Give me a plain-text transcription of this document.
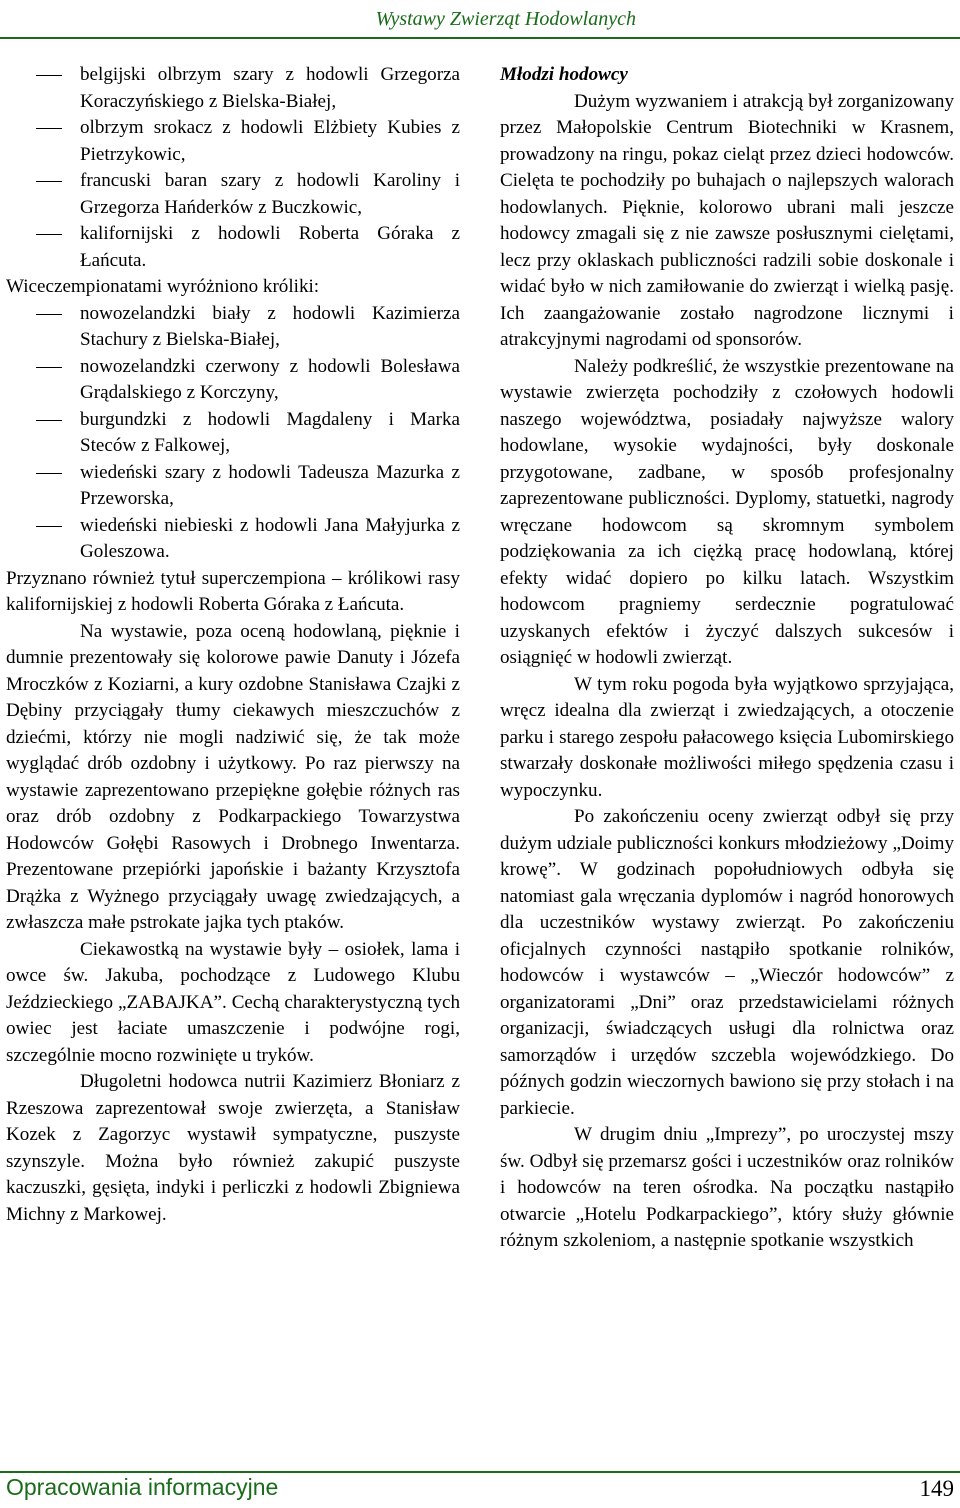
Wystawy Zwierząt Hodowlanych
belgijski olbrzym szary z hodowli Grzegorza Koraczyńskiego z Bielska-Białej,
olbrzym srokacz z hodowli Elżbiety Kubies z Pietrzykowic,
francuski baran szary z hodowli Karoliny i Grzegorza Hańderków z Buczkowic,
kalifornijski z hodowli Roberta Góraka z Łańcuta.

Wiceczempionatami wyróżniono króliki:

nowozelandzki biały z hodowli Kazimierza Stachury z Bielska-Białej,
nowozelandzki czerwony z hodowli Bolesława Grądalskiego z Korczyny,
burgundzki z hodowli Magdaleny i Marka Steców z Falkowej,
wiedeński szary z hodowli Tadeusza Mazurka z Przeworska,
wiedeński niebieski z hodowli Jana Małyjurka z Goleszowa.

Przyznano również tytuł superczempiona – królikowi rasy kalifornijskiej z hodowli Roberta Góraka z Łańcuta.

Na wystawie, poza oceną hodowlaną, pięknie i dumnie prezentowały się kolorowe pawie Danuty i Józefa Mroczków z Koziarni, a kury ozdobne Stanisława Czajki z Dębiny przyciągały tłumy ciekawych mieszczuchów z dziećmi, którzy nie mogli nadziwić się, że tak może wyglądać drób ozdobny i użytkowy. Po raz pierwszy na wystawie zaprezentowano przepiękne gołębie różnych ras oraz drób ozdobny z Podkarpackiego Towarzystwa Hodowców Gołębi Rasowych i Drobnego Inwentarza. Prezentowane przepiórki japońskie i bażanty Krzysztofa Drążka z Wyżnego przyciągały uwagę zwiedzających, a zwłaszcza małe pstrokate jajka tych ptaków.

Ciekawostką na wystawie były – osiołek, lama i owce św. Jakuba, pochodzące z Ludowego Klubu Jeździeckiego „ZABAJKA”. Cechą charakterystyczną tych owiec jest łaciate umaszczenie i podwójne rogi, szczególnie mocno rozwinięte u tryków.

Długoletni hodowca nutrii Kazimierz Błoniarz z Rzeszowa zaprezentował swoje zwierzęta, a Stanisław Kozek z Zagorzyc wystawił sympatyczne, puszyste szynszyle. Można było również zakupić puszyste kaczuszki, gęsięta, indyki i perliczki z hodowli Zbigniewa Michny z Markowej.

Młodzi hodowcy

Dużym wyzwaniem i atrakcją był zorganizowany przez Małopolskie Centrum Biotechniki w Krasnem, prowadzony na ringu, pokaz cieląt przez dzieci hodowców. Cielęta te pochodziły po buhajach o najlepszych walorach hodowlanych. Pięknie, kolorowo ubrani mali jeszcze hodowcy zmagali się z nie zawsze posłusznymi cielętami, lecz przy oklaskach publiczności radzili sobie doskonale i widać było w nich zamiłowanie do zwierząt i wielką pasję. Ich zaangażowanie zostało nagrodzone licznymi i atrakcyjnymi nagrodami od sponsorów.

Należy podkreślić, że wszystkie prezentowane na wystawie zwierzęta pochodziły z czołowych hodowli naszego województwa, posiadały najwyższe walory hodowlane, wysokie wydajności, były doskonale przygotowane, zadbane, w sposób profesjonalny zaprezentowane publiczności. Dyplomy, statuetki, nagrody wręczane hodowcom są skromnym symbolem podziękowania za ich ciężką pracę hodowlaną, której efekty widać dopiero po kilku latach. Wszystkim hodowcom pragniemy serdecznie pogratulować uzyskanych efektów i życzyć dalszych sukcesów i osiągnięć w hodowli zwierząt.

W tym roku pogoda była wyjątkowo sprzyjająca, wręcz idealna dla zwierząt i zwiedzających, a otoczenie parku i starego zespołu pałacowego księcia Lubomirskiego stwarzały doskonałe możliwości miłego spędzenia czasu i wypoczynku.

Po zakończeniu oceny zwierząt odbył się przy dużym udziale publiczności konkurs młodzieżowy „Doimy krowę”. W godzinach popołudniowych odbyła się natomiast gala wręczania dyplomów i nagród honorowych dla uczestników wystawy zwierząt. Po zakończeniu oficjalnych czynności nastąpiło spotkanie rolników, hodowców i wystawców – „Wieczór hodowców” z organizatorami „Dni” oraz przedstawicielami różnych organizacji, świadczących usługi dla rolnictwa oraz samorządów i urzędów szczebla wojewódzkiego. Do późnych godzin wieczornych bawiono się przy stołach i na parkiecie.

W drugim dniu „Imprezy”, po uroczystej mszy św. Odbył się przemarsz gości i uczestników oraz rolników i hodowców na teren ośrodka. Na początku nastąpiło otwarcie „Hotelu Podkarpackiego”, który służy głównie różnym szkoleniom, a następnie spotkanie wszystkich

Opracowania informacyjne	149
